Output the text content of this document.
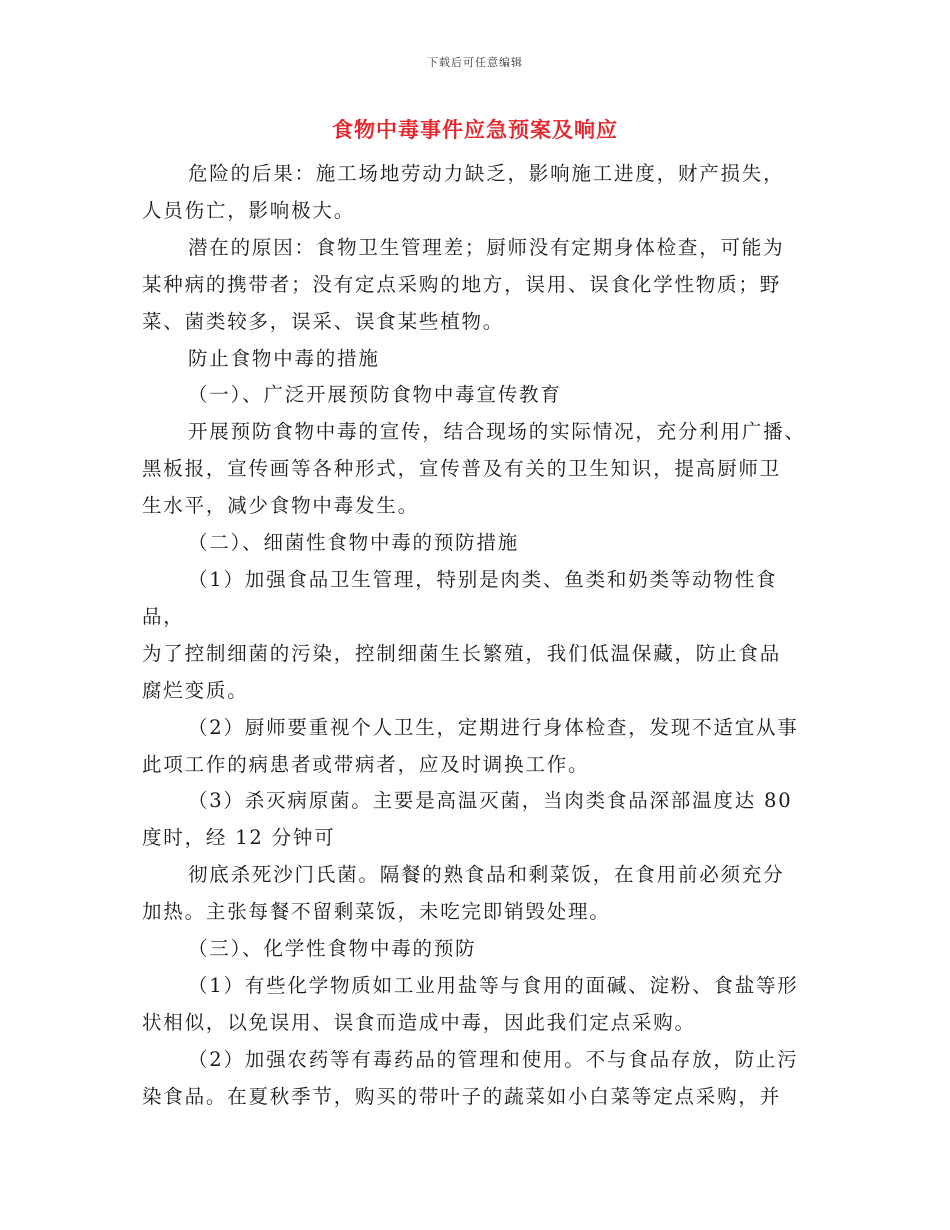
下载后可任意编辑
食物中毒事件应急预案及响应

危险的后果：施工场地劳动力缺乏，影响施工进度，财产损失，
人员伤亡，影响极大。

潜在的原因：食物卫生管理差；厨师没有定期身体检查，可能为
某种病的携带者；没有定点采购的地方，误用、误食化学性物质；野
菜、菌类较多，误采、误食某些植物。

防止食物中毒的措施

（一）、广泛开展预防食物中毒宣传教育

开展预防食物中毒的宣传，结合现场的实际情况，充分利用广播、
黑板报，宣传画等各种形式，宣传普及有关的卫生知识，提高厨师卫
生水平，减少食物中毒发生。

（二）、细菌性食物中毒的预防措施

（1）加强食品卫生管理，特别是肉类、鱼类和奶类等动物性食品，
为了控制细菌的污染，控制细菌生长繁殖，我们低温保藏，防止食品
腐烂变质。

（2）厨师要重视个人卫生，定期进行身体检查，发现不适宜从事
此项工作的病患者或带病者，应及时调换工作。

（3）杀灭病原菌。主要是高温灭菌，当肉类食品深部温度达 80
度时，经 12 分钟可

彻底杀死沙门氏菌。隔餐的熟食品和剩菜饭，在食用前必须充分
加热。主张每餐不留剩菜饭，未吃完即销毁处理。

（三）、化学性食物中毒的预防

（1）有些化学物质如工业用盐等与食用的面碱、淀粉、食盐等形
状相似，以免误用、误食而造成中毒，因此我们定点采购。

（2）加强农药等有毒药品的管理和使用。不与食品存放，防止污
染食品。在夏秋季节，购买的带叶子的蔬菜如小白菜等定点采购，并
